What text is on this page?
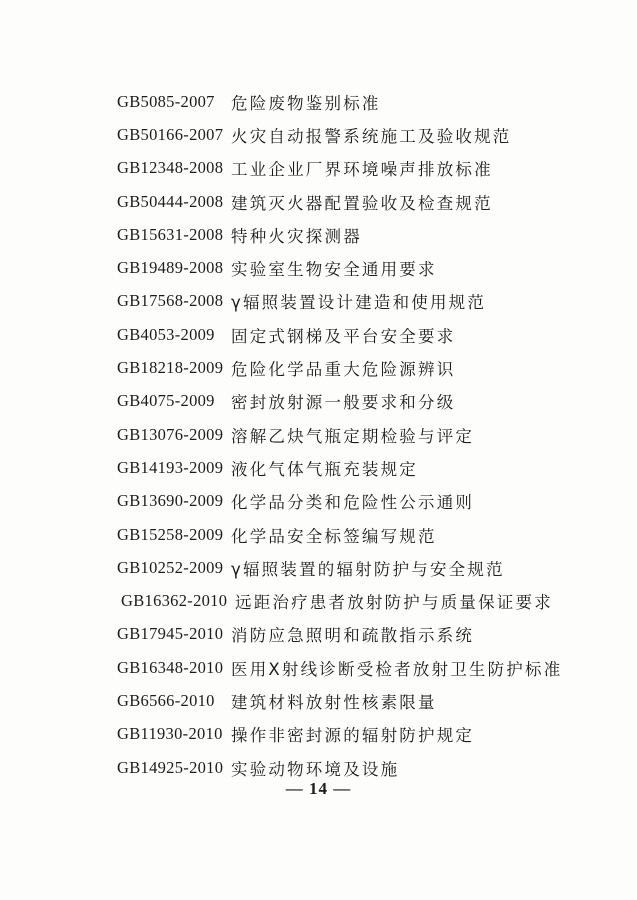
GB5085-2007 危险废物鉴别标准
GB50166-2007 火灾自动报警系统施工及验收规范
GB12348-2008 工业企业厂界环境噪声排放标准
GB50444-2008 建筑灭火器配置验收及检查规范
GB15631-2008 特种火灾探测器
GB19489-2008 实验室生物安全通用要求
GB17568-2008 γ辐照装置设计建造和使用规范
GB4053-2009 固定式钢梯及平台安全要求
GB18218-2009 危险化学品重大危险源辨识
GB4075-2009 密封放射源一般要求和分级
GB13076-2009 溶解乙炔气瓶定期检验与评定
GB14193-2009 液化气体气瓶充装规定
GB13690-2009 化学品分类和危险性公示通则
GB15258-2009 化学品安全标签编写规范
GB10252-2009 γ辐照装置的辐射防护与安全规范
GB16362-2010 远距治疗患者放射防护与质量保证要求
GB17945-2010 消防应急照明和疏散指示系统
GB16348-2010 医用X射线诊断受检者放射卫生防护标准
GB6566-2010 建筑材料放射性核素限量
GB11930-2010 操作非密封源的辐射防护规定
GB14925-2010 实验动物环境及设施
— 14 —
